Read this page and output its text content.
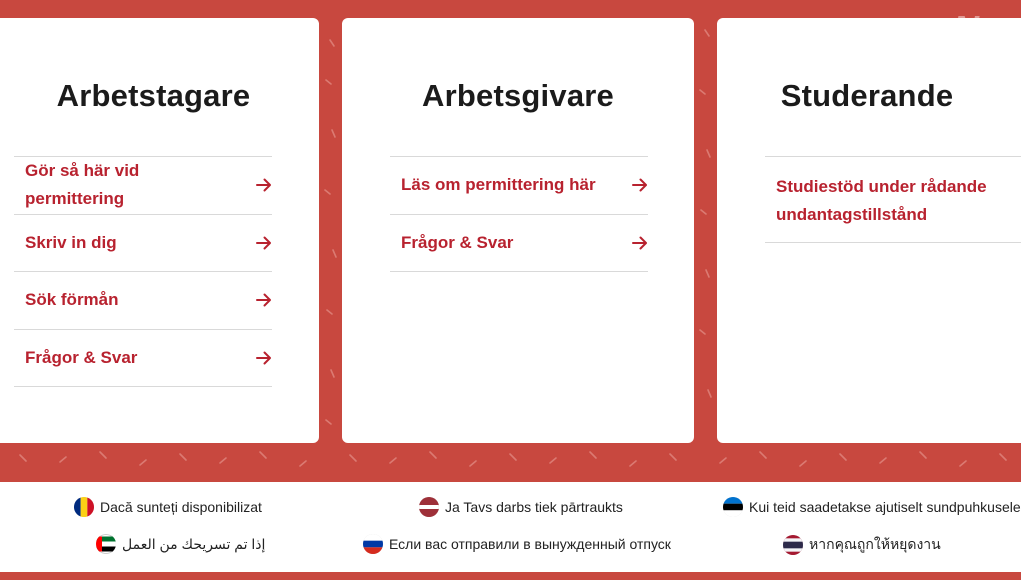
Arbetstagare
Gör så här vid permittering
Skriv in dig
Sök förmån
Frågor & Svar
Arbetsgivare
Läs om permittering här
Frågor & Svar
Studerande
Studiestöd under rådande undantagstillstånd
Dacă sunteți disponibilizat	Ja Tavs darbs tiek pārtraukts	Kui teid saadetakse ajutiselt sundpuhkusele
إذا تم تسريحك من العمل	Если вас отправили в вынужденный отпуск	หากคุณถูกให้หยุดงาน
